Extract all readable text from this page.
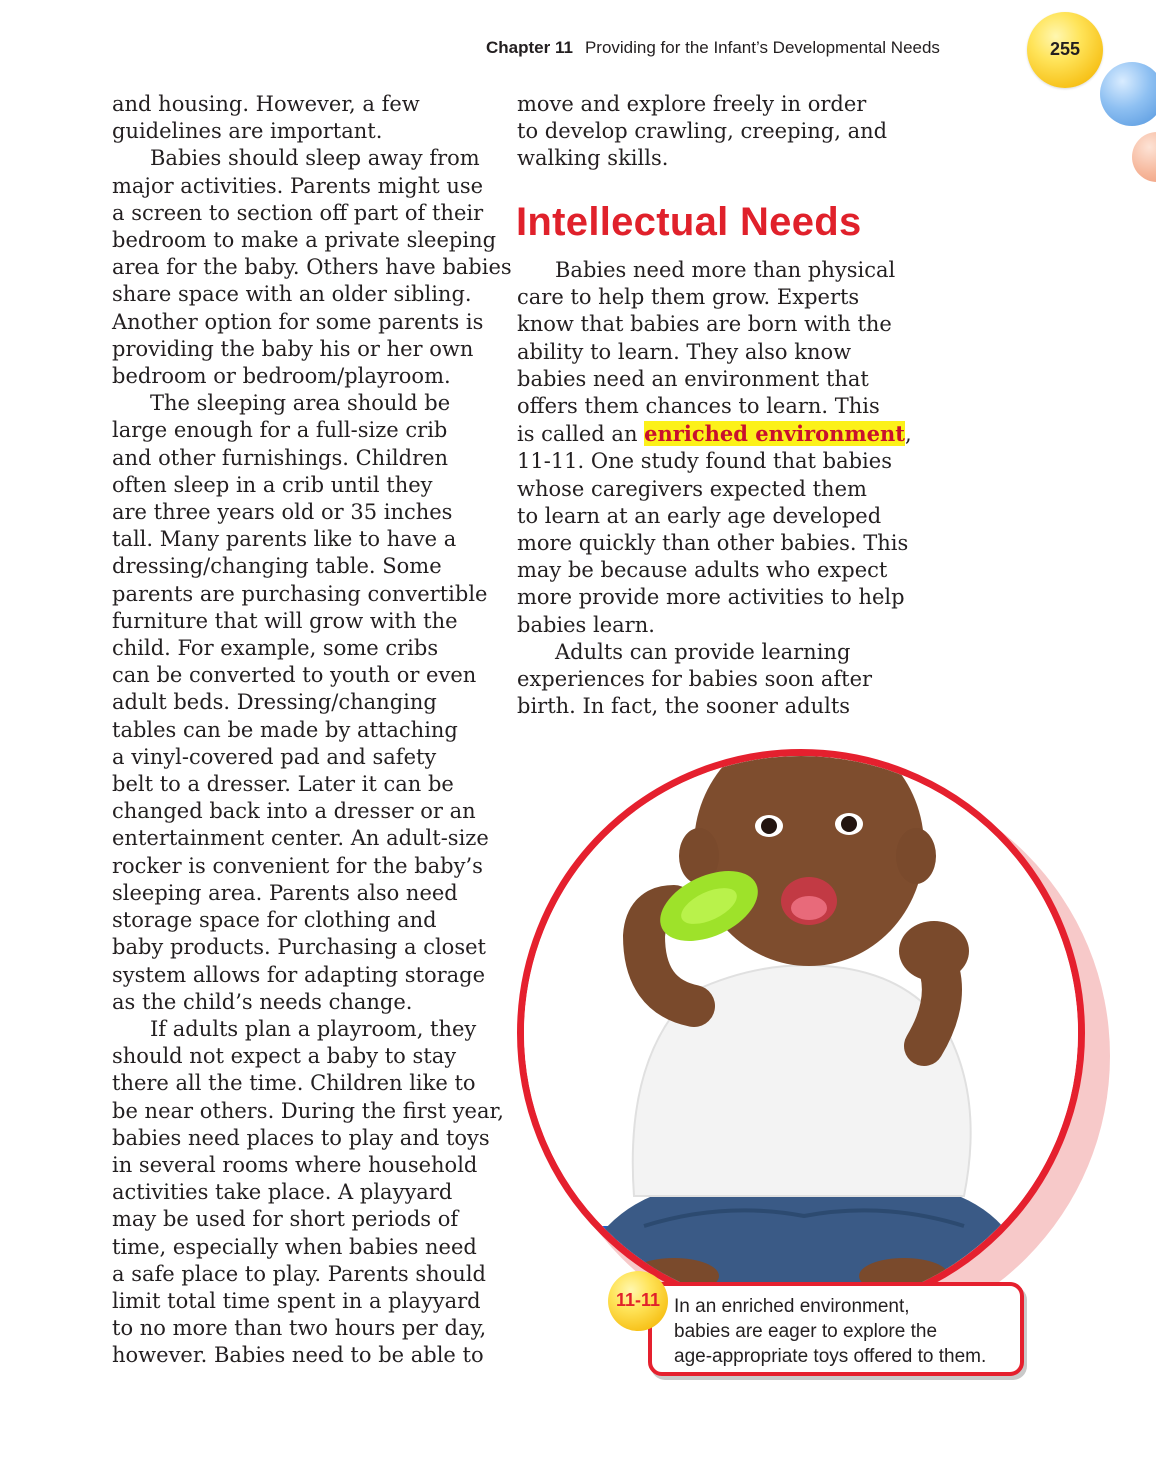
Chapter 11 Providing for the Infant’s Developmental Needs	255

and housing. However, a few
guidelines are important.

Babies should sleep away from
major activities. Parents might use
a screen to section off part of their
bedroom to make a private sleeping
area for the baby. Others have babies
share space with an older sibling.
Another option for some parents is
providing the baby his or her own
bedroom or bedroom/playroom.

The sleeping area should be
large enough for a full-size crib
and other furnishings. Children
often sleep in a crib until they
are three years old or 35 inches
tall. Many parents like to have a
dressing/changing table. Some
parents are purchasing convertible
furniture that will grow with the
child. For example, some cribs
can be converted to youth or even
adult beds. Dressing/changing
tables can be made by attaching
a vinyl-covered pad and safety
belt to a dresser. Later it can be
changed back into a dresser or an
entertainment center. An adult-size
rocker is convenient for the baby’s
sleeping area. Parents also need
storage space for clothing and
baby products. Purchasing a closet
system allows for adapting storage
as the child’s needs change.

If adults plan a playroom, they
should not expect a baby to stay
there all the time. Children like to
be near others. During the first year,
babies need places to play and toys
in several rooms where household
activities take place. A playyard
may be used for short periods of
time, especially when babies need
a safe place to play. Parents should
limit total time spent in a playyard
to no more than two hours per day,
however. Babies need to be able to

move and explore freely in order
to develop crawling, creeping, and
walking skills.

Intellectual Needs

Babies need more than physical
care to help them grow. Experts
know that babies are born with the
ability to learn. They also know
babies need an environment that
offers them chances to learn. This
is called an enriched environment,
11-11. One study found that babies
whose caregivers expected them
to learn at an early age developed
more quickly than other babies. This
may be because adults who expect
more provide more activities to help
babies learn.

Adults can provide learning
experiences for babies soon after
birth. In fact, the sooner adults

11-11 In an enriched environment,
babies are eager to explore the
age-appropriate toys offered to them.
